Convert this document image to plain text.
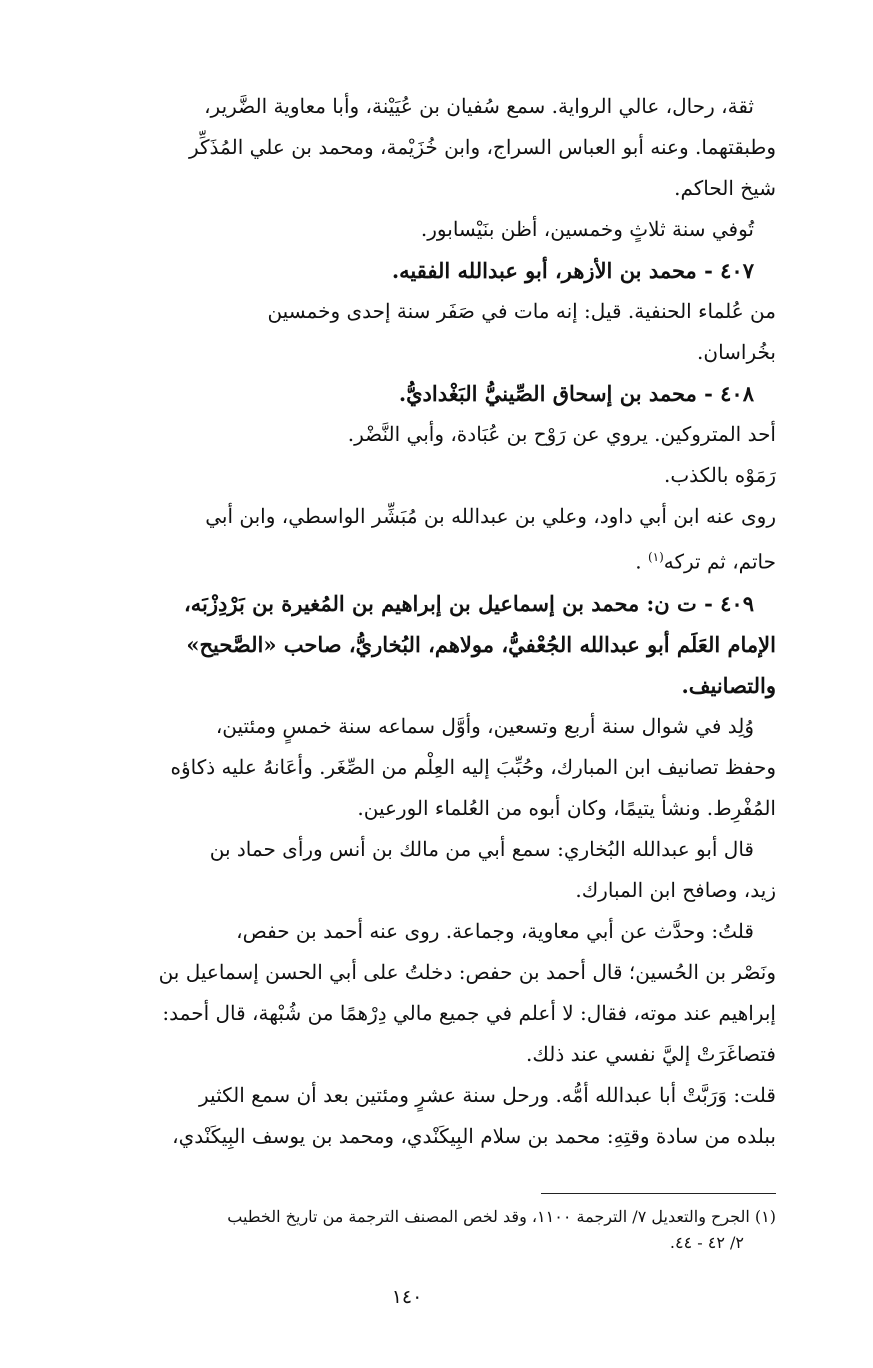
ثقة، رحال، عالي الرواية. سمع سُفيان بن عُيَيْنة، وأبا معاوية الضَّرير،
وطبقتهما. وعنه أبو العباس السراج، وابن خُزَيْمة، ومحمد بن علي المُذَكِّر
شيخ الحاكم.
تُوفي سنة ثلاثٍ وخمسين، أظن بنَيْسابور.
٤٠٧ - محمد بن الأزهر، أبو عبدالله الفقيه.
من عُلماء الحنفية. قيل: إنه مات في صَفَر سنة إحدى وخمسين
بخُراسان.
٤٠٨ - محمد بن إسحاق الصِّينيُّ البَغْداديُّ.
أحد المتروكين. يروي عن رَوْح بن عُبَادة، وأبي النَّضْر.
رَمَوْه بالكذب.
روى عنه ابن أبي داود، وعلي بن عبدالله بن مُبَشِّر الواسطي، وابن أبي
حاتم، ثم تركه$^{(١)}$ .
٤٠٩ - ت ن: محمد بن إسماعيل بن إبراهيم بن المُغيرة بن بَرْدِزْبَه،
الإمام العَلَم أبو عبدالله الجُعْفيُّ، مولاهم، البُخاريُّ، صاحب «الصَّحيح»
والتصانيف.
وُلِد في شوال سنة أربع وتسعين، وأوَّل سماعه سنة خمسٍ ومئتين،
وحفظ تصانيف ابن المبارك، وحُبِّبَ إليه العِلْم من الصِّغَر. وأعَانهُ عليه ذكاؤه
المُفْرِط. ونشأ يتيمًا، وكان أبوه من العُلماء الورعين.
قال أبو عبدالله البُخاري: سمع أبي من مالك بن أنس ورأى حماد بن
زيد، وصافح ابن المبارك.
قلتُ: وحدَّث عن أبي معاوية، وجماعة. روى عنه أحمد بن حفص،
ونَصْر بن الحُسين؛ قال أحمد بن حفص: دخلتُ على أبي الحسن إسماعيل بن
إبراهيم عند موته، فقال: لا أعلم في جميع مالي دِرْهمًا من شُبْهة، قال أحمد:
فتصاغَرَتْ إليَّ نفسي عند ذلك.
قلت: وَرَبَّتْ أبا عبدالله أمُّه. ورحل سنة عشرٍ ومئتين بعد أن سمع الكثير
ببلده من سادة وقتِهِ: محمد بن سلام البِيكَنْدي، ومحمد بن يوسف البِيكَنْدي،
(١) الجرح والتعديل ٧/ الترجمة ١١٠٠، وقد لخص المصنف الترجمة من تاريخ الخطيب
٢/ ٤٢ - ٤٤.
١٤٠
